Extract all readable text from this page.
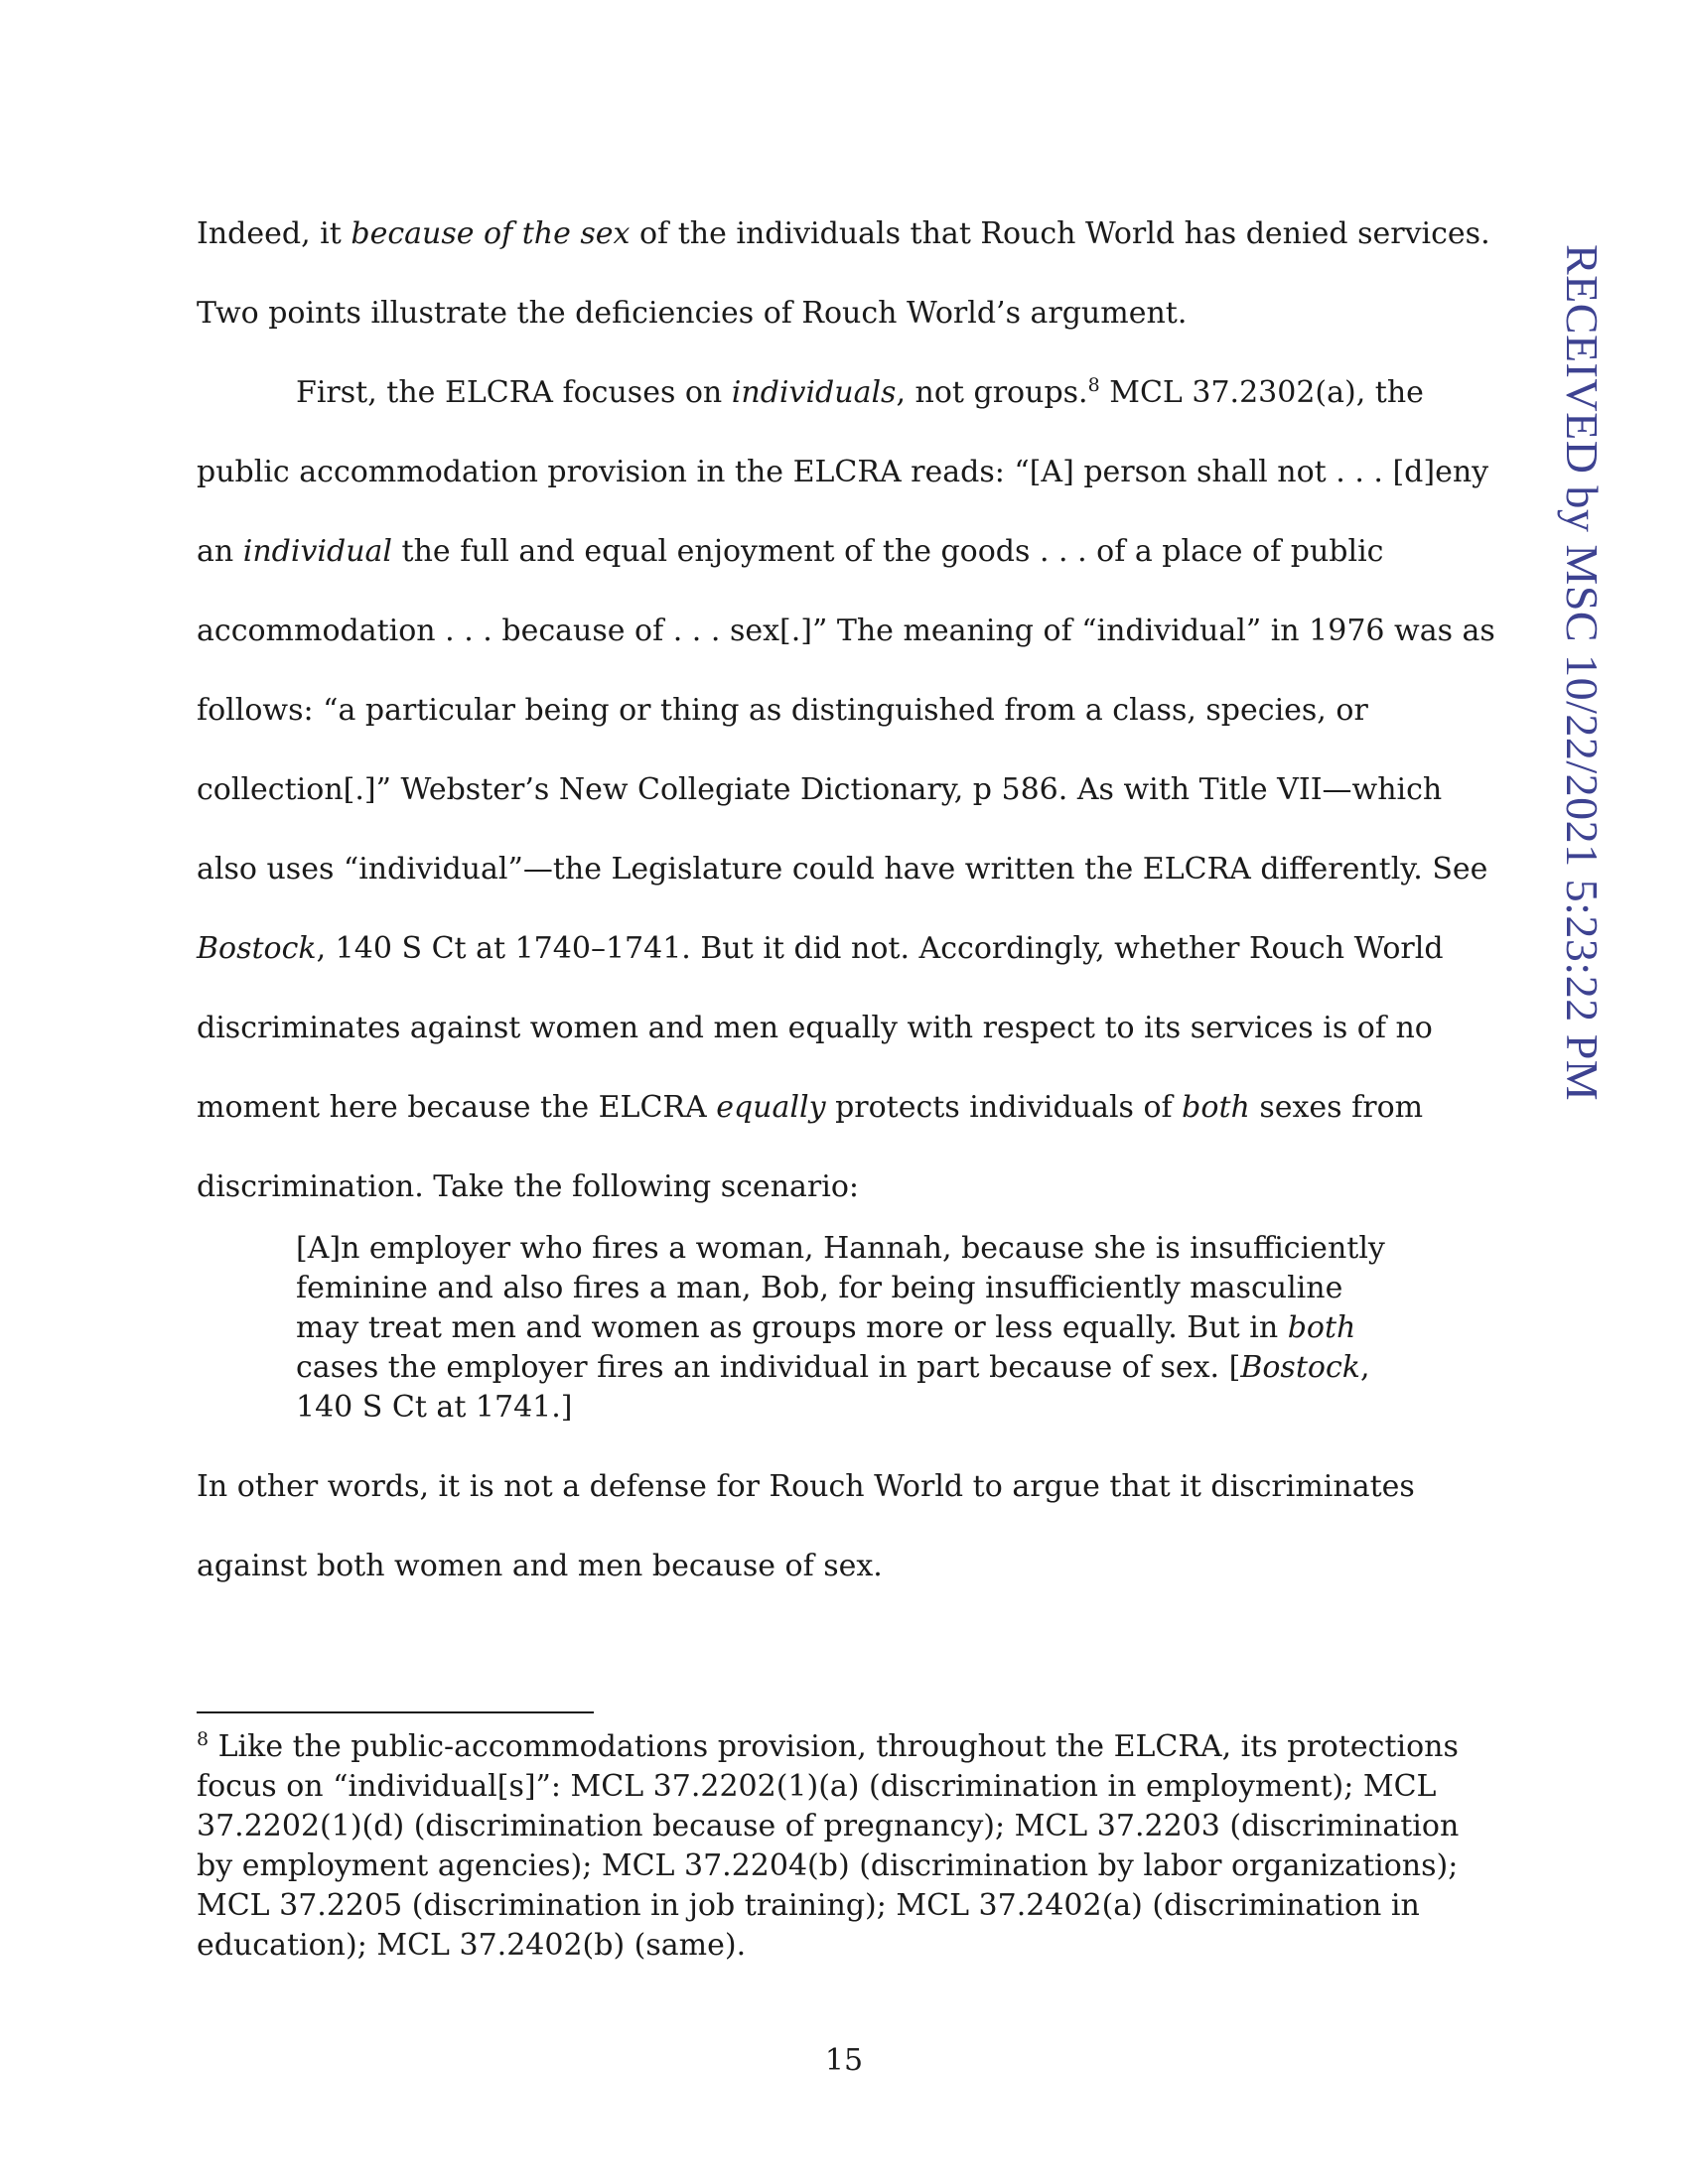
Indeed, it because of the sex of the individuals that Rouch World has denied services. Two points illustrate the deficiencies of Rouch World’s argument.

First, the ELCRA focuses on individuals, not groups.$^8$ MCL 37.2302(a), the public accommodation provision in the ELCRA reads: “[A] person shall not . . . [d]eny an individual the full and equal enjoyment of the goods . . . of a place of public accommodation . . . because of . . . sex[.]” The meaning of “individual” in 1976 was as follows: “a particular being or thing as distinguished from a class, species, or collection[.]” Webster’s New Collegiate Dictionary, p 586. As with Title VII—which also uses “individual”—the Legislature could have written the ELCRA differently. See Bostock, 140 S Ct at 1740–1741. But it did not. Accordingly, whether Rouch World discriminates against women and men equally with respect to its services is of no moment here because the ELCRA equally protects individuals of both sexes from discrimination. Take the following scenario:

[A]n employer who fires a woman, Hannah, because she is insufficiently feminine and also fires a man, Bob, for being insufficiently masculine may treat men and women as groups more or less equally. But in both cases the employer fires an individual in part because of sex. [Bostock, 140 S Ct at 1741.]
In other words, it is not a defense for Rouch World to argue that it discriminates against both women and men because of sex.
$^8$ Like the public-accommodations provision, throughout the ELCRA, its protections focus on “individual[s]”: MCL 37.2202(1)(a) (discrimination in employment); MCL 37.2202(1)(d) (discrimination because of pregnancy); MCL 37.2203 (discrimination by employment agencies); MCL 37.2204(b) (discrimination by labor organizations); MCL 37.2205 (discrimination in job training); MCL 37.2402(a) (discrimination in education); MCL 37.2402(b) (same).
15
RECEIVED by MSC 10/22/2021 5:23:22 PM
